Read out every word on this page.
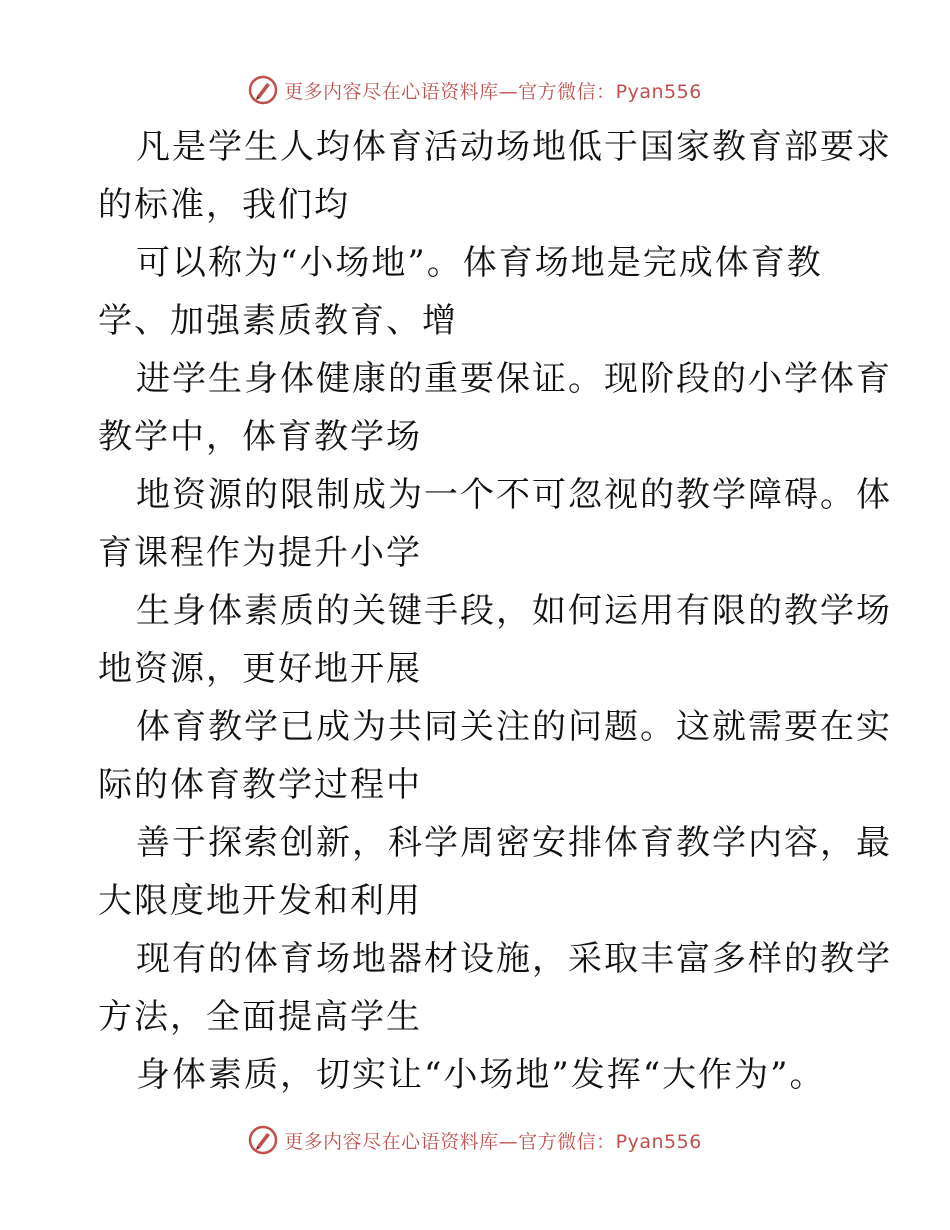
更多内容尽在心语资料库—官方微信：Pyan556
凡是学生人均体育活动场地低于国家教育部要求
的标准，我们均
可以称为“小场地”。体育场地是完成体育教
学、加强素质教育、增
进学生身体健康的重要保证。现阶段的小学体育
教学中，体育教学场
地资源的限制成为一个不可忽视的教学障碍。体
育课程作为提升小学
生身体素质的关键手段，如何运用有限的教学场
地资源，更好地开展
体育教学已成为共同关注的问题。这就需要在实
际的体育教学过程中
善于探索创新，科学周密安排体育教学内容，最
大限度地开发和利用
现有的体育场地器材设施，采取丰富多样的教学
方法，全面提高学生
身体素质，切实让“小场地”发挥“大作为”。
更多内容尽在心语资料库—官方微信：Pyan556
